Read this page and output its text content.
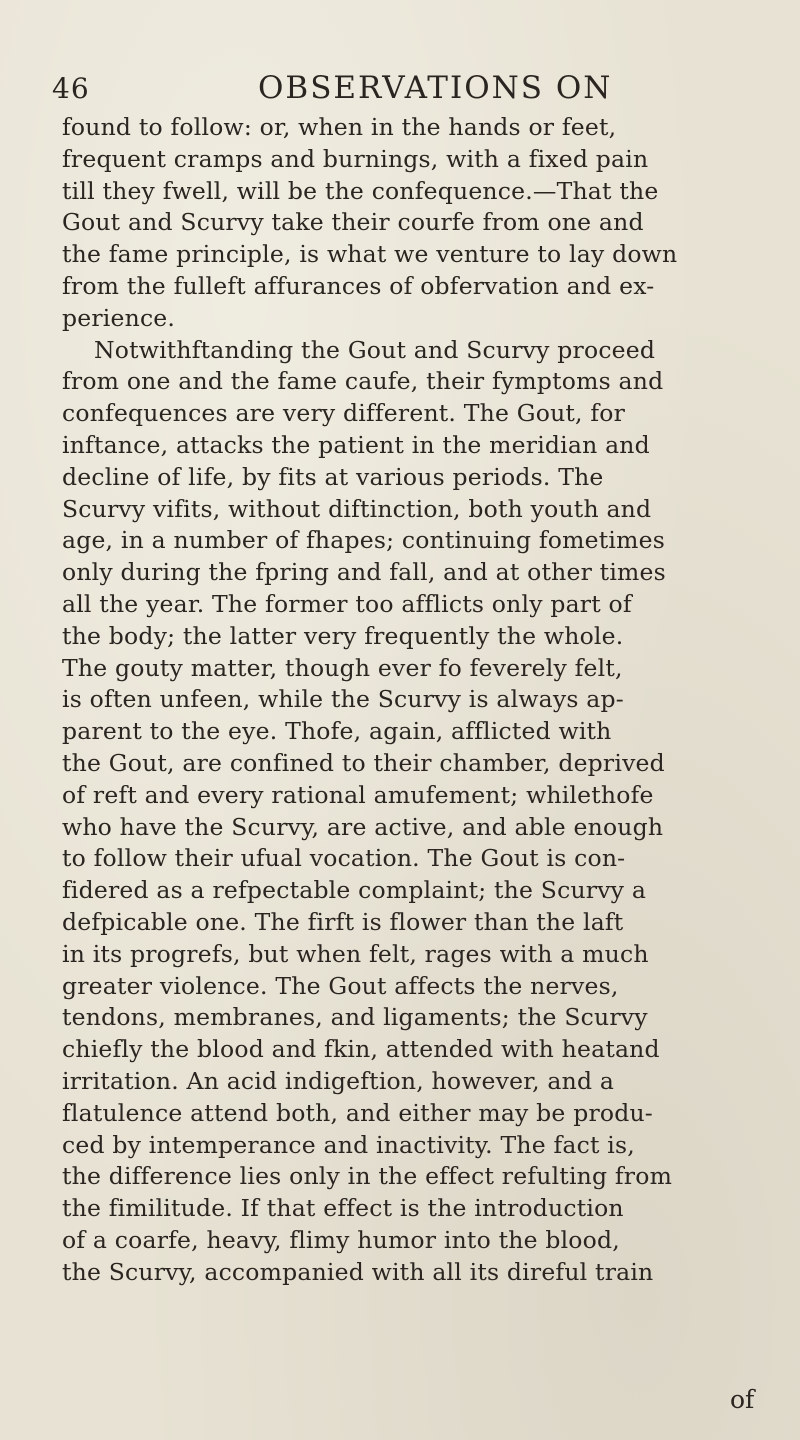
46	OBSERVATIONS ON
found to follow: or, when in the hands or feet,
frequent cramps and burnings, with a fixed pain
till they fwell, will be the confequence.—That the
Gout and Scurvy take their courfe from one and
the fame principle, is what we venture to lay down
from the fulleft affurances of obfervation and ex-
perience.
Notwithftanding the Gout and Scurvy proceed
from one and the fame caufe, their fymptoms and
confequences are very different. The Gout, for
inftance, attacks the patient in the meridian and
decline of life, by fits at various periods. The
Scurvy vifits, without diftinction, both youth and
age, in a number of fhapes; continuing fometimes
only during the fpring and fall, and at other times
all the year. The former too afflicts only part of
the body; the latter very frequently the whole.
The gouty matter, though ever fo feverely felt,
is often unfeen, while the Scurvy is always ap-
parent to the eye. Thofe, again, afflicted with
the Gout, are confined to their chamber, deprived
of reft and every rational amufement; whilethofe
who have the Scurvy, are active, and able enough
to follow their ufual vocation. The Gout is con-
fidered as a refpectable complaint; the Scurvy a
defpicable one. The firft is flower than the laft
in its progrefs, but when felt, rages with a much
greater violence. The Gout affects the nerves,
tendons, membranes, and ligaments; the Scurvy
chiefly the blood and fkin, attended with heatand
irritation. An acid indigeftion, however, and a
flatulence attend both, and either may be produ-
ced by intemperance and inactivity. The fact is,
the difference lies only in the effect refulting from
the fimilitude. If that effect is the introduction
of a coarfe, heavy, flimy humor into the blood,
the Scurvy, accompanied with all its direful train
of
